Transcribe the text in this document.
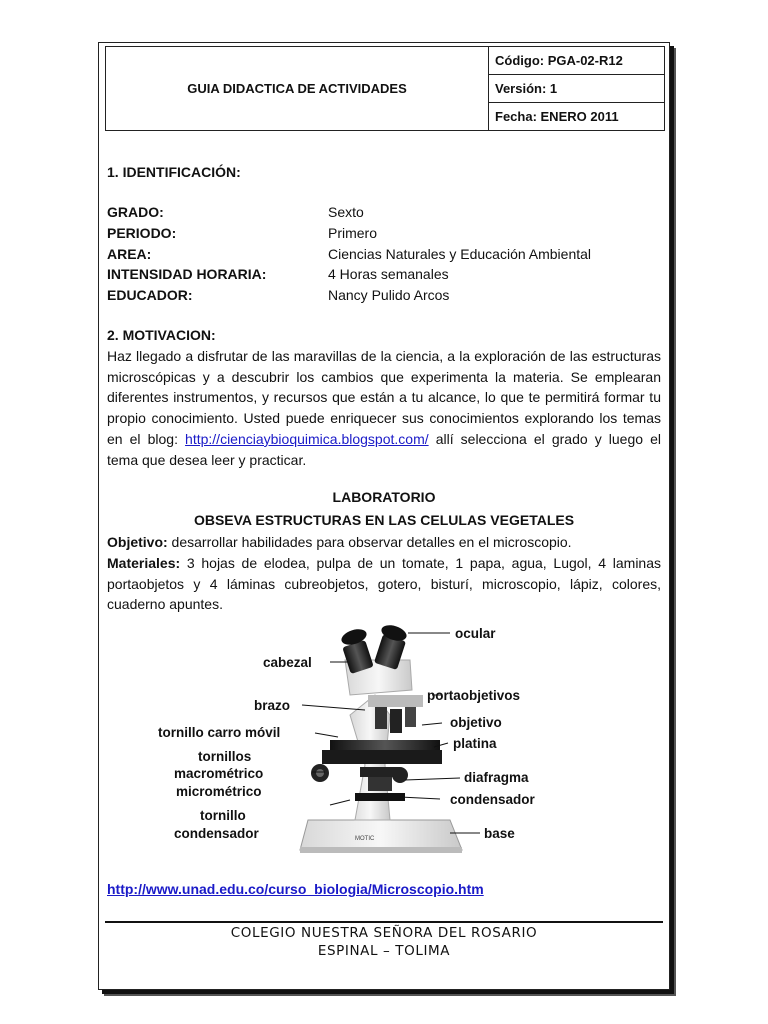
GUIA DIDACTICA DE ACTIVIDADES	Código: PGA-02-R12
Versión: 1
Fecha: ENERO 2011
1. IDENTIFICACIÓN:
GRADO:	Sexto
PERIODO:	Primero
AREA:	Ciencias Naturales y Educación Ambiental
INTENSIDAD HORARIA:	4 Horas semanales
EDUCADOR:	Nancy Pulido Arcos
2. MOTIVACION:
Haz llegado a disfrutar de las maravillas de la ciencia, a la exploración de las estructuras microscópicas y a descubrir los cambios que experimenta la materia. Se emplearan diferentes instrumentos, y recursos que están a tu alcance, lo que te permitirá formar tu propio conocimiento. Usted puede enriquecer sus conocimientos explorando los temas en el blog: http://cienciaybioquimica.blogspot.com/ allí selecciona el grado y luego el tema que desea leer y practicar.
LABORATORIO
OBSEVA ESTRUCTURAS EN LAS CELULAS VEGETALES
Objetivo: desarrollar habilidades para observar detalles en el microscopio.
Materiales: 3 hojas de elodea, pulpa de un tomate, 1 papa, agua, Lugol, 4 laminas portaobjetos y 4 láminas cubreobjetos, gotero, bisturí, microscopio, lápiz, colores, cuaderno apuntes.
MOTIC
ocular
cabezal
brazo
portaobjetivos
tornillo carro móvil
objetivo
platina
tornillos
macrométrico	diafragma
micrométrico
condensador
tornillo
condensador	base
http://www.unad.edu.co/curso_biologia/Microscopio.htm
COLEGIO NUESTRA SEÑORA DEL ROSARIO
ESPINAL – TOLIMA
